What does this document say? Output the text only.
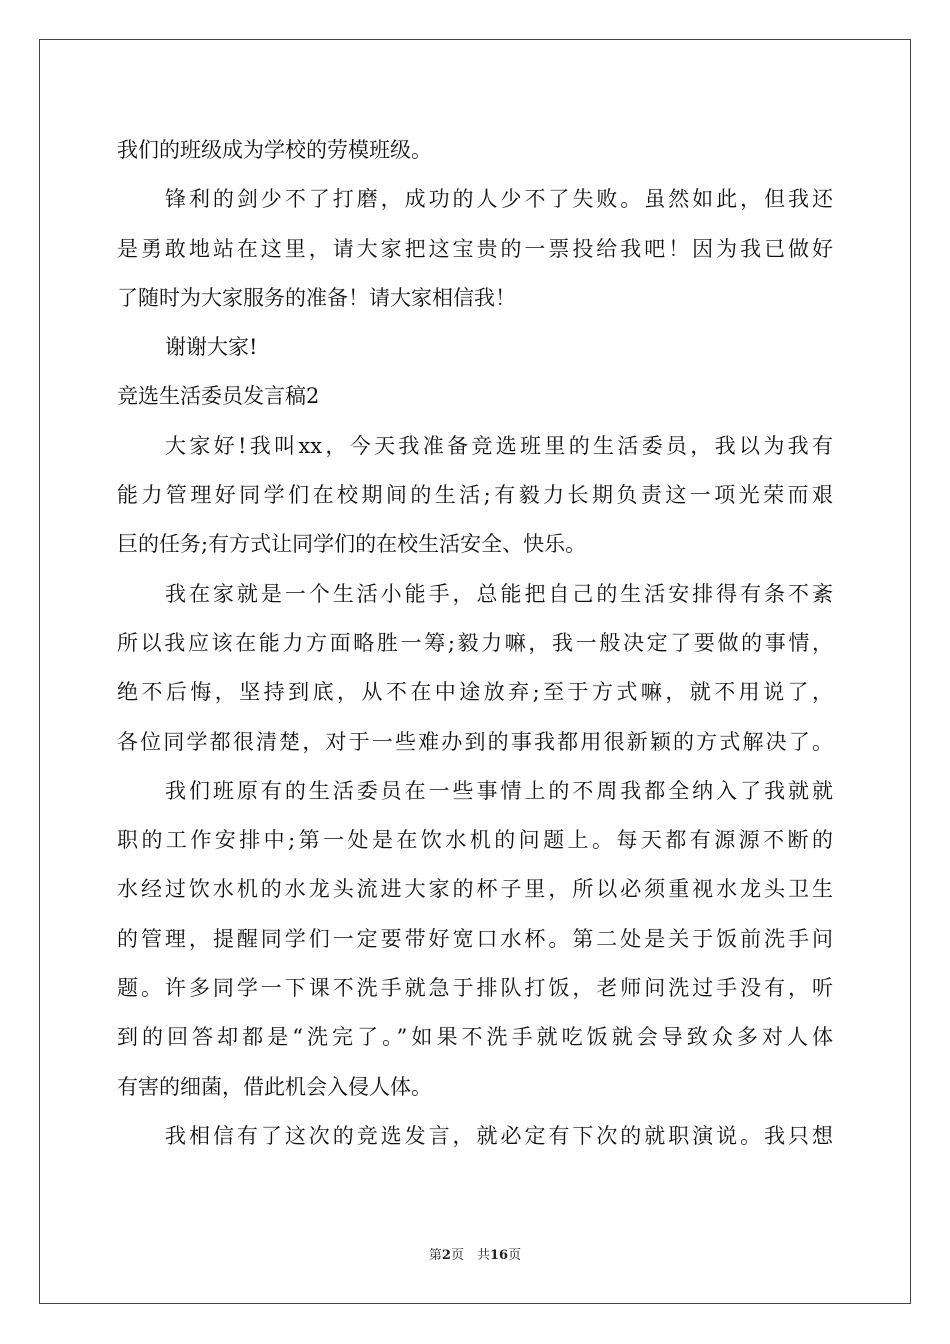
我们的班级成为学校的劳模班级。
锋利的剑少不了打磨，成功的人少不了失败。虽然如此，但我还
是勇敢地站在这里，请大家把这宝贵的一票投给我吧！因为我已做好
了随时为大家服务的准备！请大家相信我！
谢谢大家!
竞选生活委员发言稿2
大家好!我叫xx，今天我准备竞选班里的生活委员，我以为我有
能力管理好同学们在校期间的生活;有毅力长期负责这一项光荣而艰
巨的任务;有方式让同学们的在校生活安全、快乐。
我在家就是一个生活小能手，总能把自己的生活安排得有条不紊
所以我应该在能力方面略胜一筹;毅力嘛，我一般决定了要做的事情，
绝不后悔，坚持到底，从不在中途放弃;至于方式嘛，就不用说了，
各位同学都很清楚，对于一些难办到的事我都用很新颖的方式解决了。
我们班原有的生活委员在一些事情上的不周我都全纳入了我就就
职的工作安排中;第一处是在饮水机的问题上。每天都有源源不断的
水经过饮水机的水龙头流进大家的杯子里，所以必须重视水龙头卫生
的管理，提醒同学们一定要带好宽口水杯。第二处是关于饭前洗手问
题。许多同学一下课不洗手就急于排队打饭，老师问洗过手没有，听
到的回答却都是“洗完了。”如果不洗手就吃饭就会导致众多对人体
有害的细菌，借此机会入侵人体。
我相信有了这次的竞选发言，就必定有下次的就职演说。我只想
第2页　共16页
